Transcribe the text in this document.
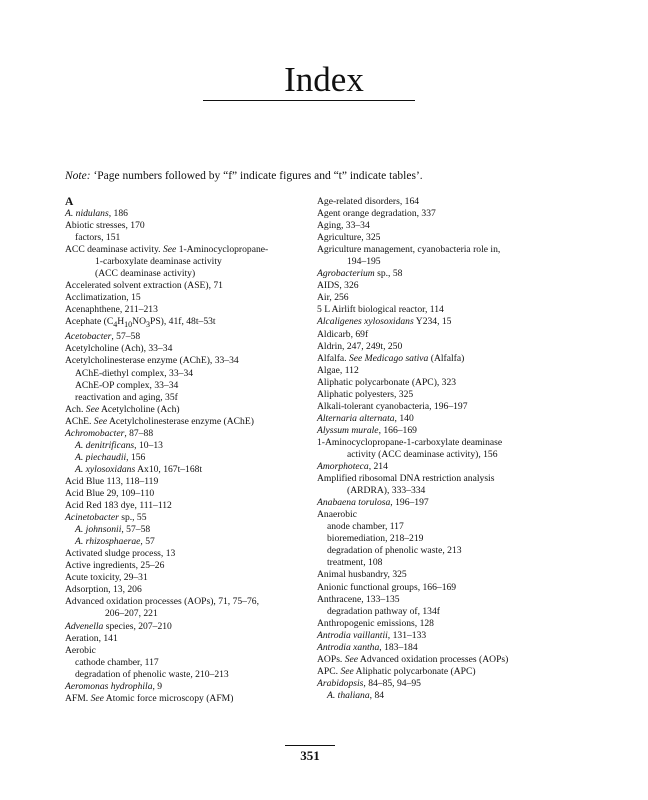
Index
Note: ‘Page numbers followed by “f” indicate figures and “t” indicate tables’.
A
A. nidulans, 186
Abiotic stresses, 170
factors, 151
ACC deaminase activity. See 1-Aminocyclopropane-
1-carboxylate deaminase activity
(ACC deaminase activity)
Accelerated solvent extraction (ASE), 71
Acclimatization, 15
Acenaphthene, 211–213
Acephate $(C_4H_{10}NO_3PS)$, 41f, 48t–53t
Acetobacter, 57–58
Acetylcholine (Ach), 33–34
Acetylcholinesterase enzyme (AChE), 33–34
AChE-diethyl complex, 33–34
AChE-OP complex, 33–34
reactivation and aging, 35f
Ach. See Acetylcholine (Ach)
AChE. See Acetylcholinesterase enzyme (AChE)
Achromobacter, 87–88
A. denitrificans, 10–13
A. piechaudii, 156
A. xylosoxidans Ax10, 167t–168t
Acid Blue 113, 118–119
Acid Blue 29, 109–110
Acid Red 183 dye, 111–112
Acinetobacter sp., 55
A. johnsonii, 57–58
A. rhizosphaerae, 57
Activated sludge process, 13
Active ingredients, 25–26
Acute toxicity, 29–31
Adsorption, 13, 206
Advanced oxidation processes (AOPs), 71, 75–76,
206–207, 221
Advenella species, 207–210
Aeration, 141
Aerobic
cathode chamber, 117
degradation of phenolic waste, 210–213
Aeromonas hydrophila, 9
AFM. See Atomic force microscopy (AFM)
Age-related disorders, 164
Agent orange degradation, 337
Aging, 33–34
Agriculture, 325
Agriculture management, cyanobacteria role in,
194–195
Agrobacterium sp., 58
AIDS, 326
Air, 256
5 L Airlift biological reactor, 114
Alcaligenes xylosoxidans Y234, 15
Aldicarb, 69f
Aldrin, 247, 249t, 250
Alfalfa. See Medicago sativa (Alfalfa)
Algae, 112
Aliphatic polycarbonate (APC), 323
Aliphatic polyesters, 325
Alkali-tolerant cyanobacteria, 196–197
Alternaria alternata, 140
Alyssum murale, 166–169
1-Aminocyclopropane-1-carboxylate deaminase
activity (ACC deaminase activity), 156
Amorphoteca, 214
Amplified ribosomal DNA restriction analysis
(ARDRA), 333–334
Anabaena torulosa, 196–197
Anaerobic
anode chamber, 117
bioremediation, 218–219
degradation of phenolic waste, 213
treatment, 108
Animal husbandry, 325
Anionic functional groups, 166–169
Anthracene, 133–135
degradation pathway of, 134f
Anthropogenic emissions, 128
Antrodia vaillantii, 131–133
Antrodia xantha, 183–184
AOPs. See Advanced oxidation processes (AOPs)
APC. See Aliphatic polycarbonate (APC)
Arabidopsis, 84–85, 94–95
A. thaliana, 84
351
